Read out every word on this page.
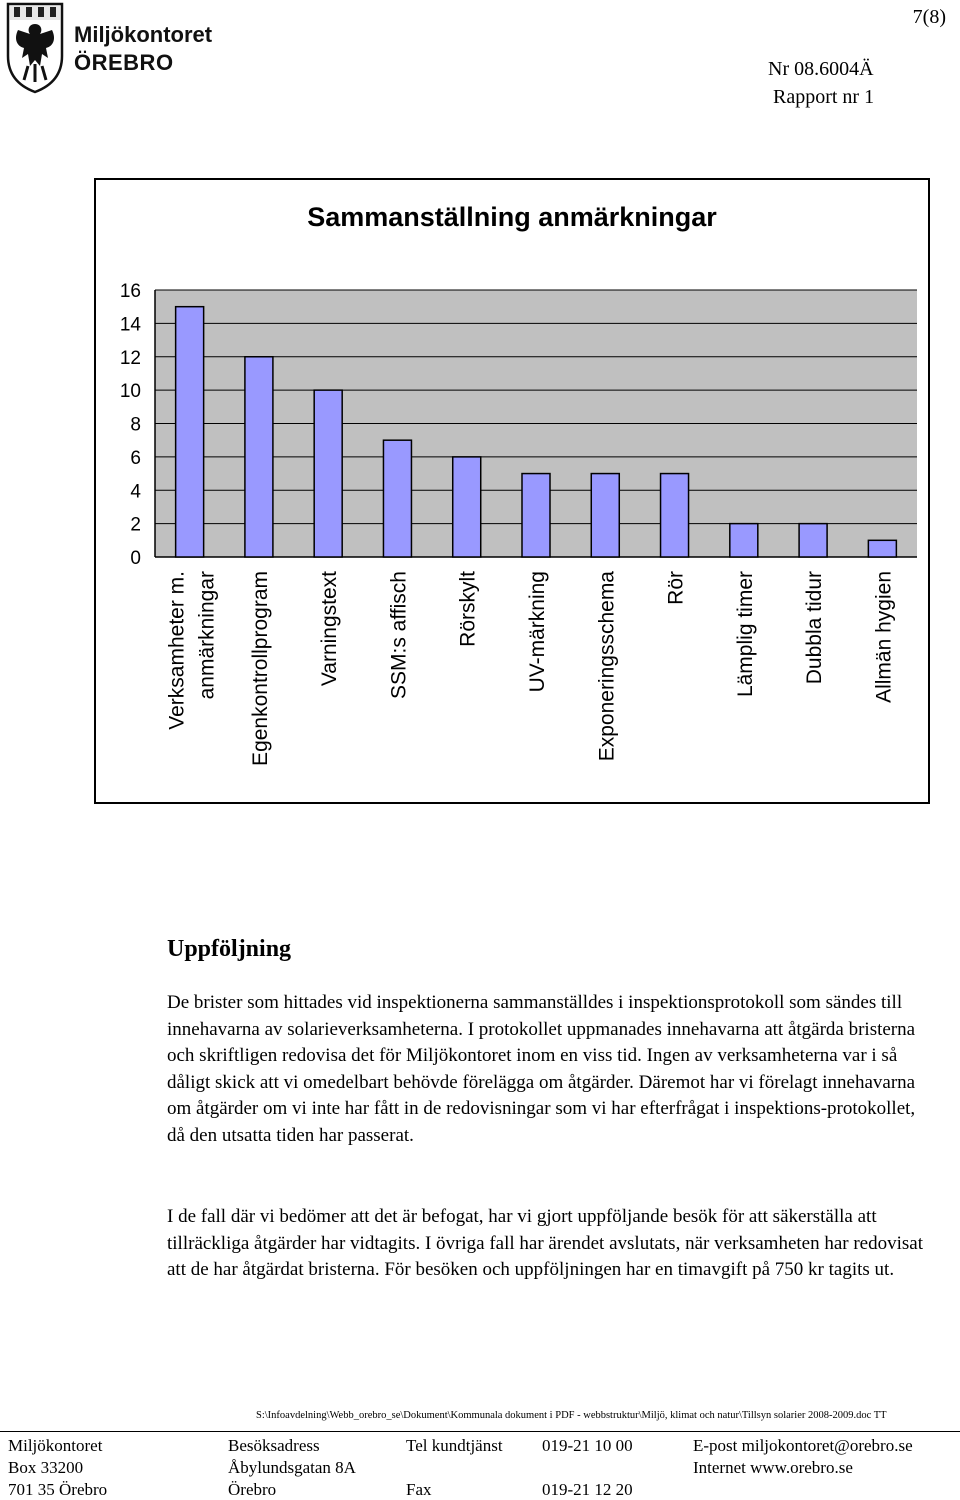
Miljökontoret
ÖREBRO
7(8)
Nr 08.6004Ä
Rapport nr 1
Sammanställning anmärkningar
0
2
4
6
8
10
12
14
16
Verksamheter m. anmärkningar Egenkontrollprogram Varningstext SSM:s affisch Rörskylt UV-märkning Exponeringsschema Rör Lämplig timer Dubbla tidur Allmän hygien
Uppföljning

De brister som hittades vid inspektionerna sammanställdes i inspektionsprotokoll som sändes till innehavarna av solarieverksamheterna. I protokollet uppmanades innehavarna att åtgärda bristerna och skriftligen redovisa det för Miljökontoret inom en viss tid. Ingen av verksamheterna var i så dåligt skick att vi omedelbart behövde förelägga om åtgärder. Däremot har vi förelagt innehavarna om åtgärder om vi inte har fått in de redovisningar som vi har efterfrågat i inspektions-protokollet, då den utsatta tiden har passerat.

I de fall där vi bedömer att det är befogat, har vi gjort uppföljande besök för att säkerställa att tillräckliga åtgärder har vidtagits. I övriga fall har ärendet avslutats, när verksamheten har redovisat att de har åtgärdat bristerna. För besöken och uppföljningen har en timavgift på 750 kr tagits ut.

S:\Infoavdelning\Webb_orebro_se\Dokument\Kommunala dokument i PDF - webbstruktur\Miljö, klimat och natur\Tillsyn solarier 2008-2009.doc TT
Miljökontoret
Box 33200
701 35 Örebro
Besöksadress
Åbylundsgatan 8A
Örebro
Tel kundtjänst 019-21 10 00
Fax	019-21 12 20
E-post miljokontoret@orebro.se
Internet www.orebro.se
